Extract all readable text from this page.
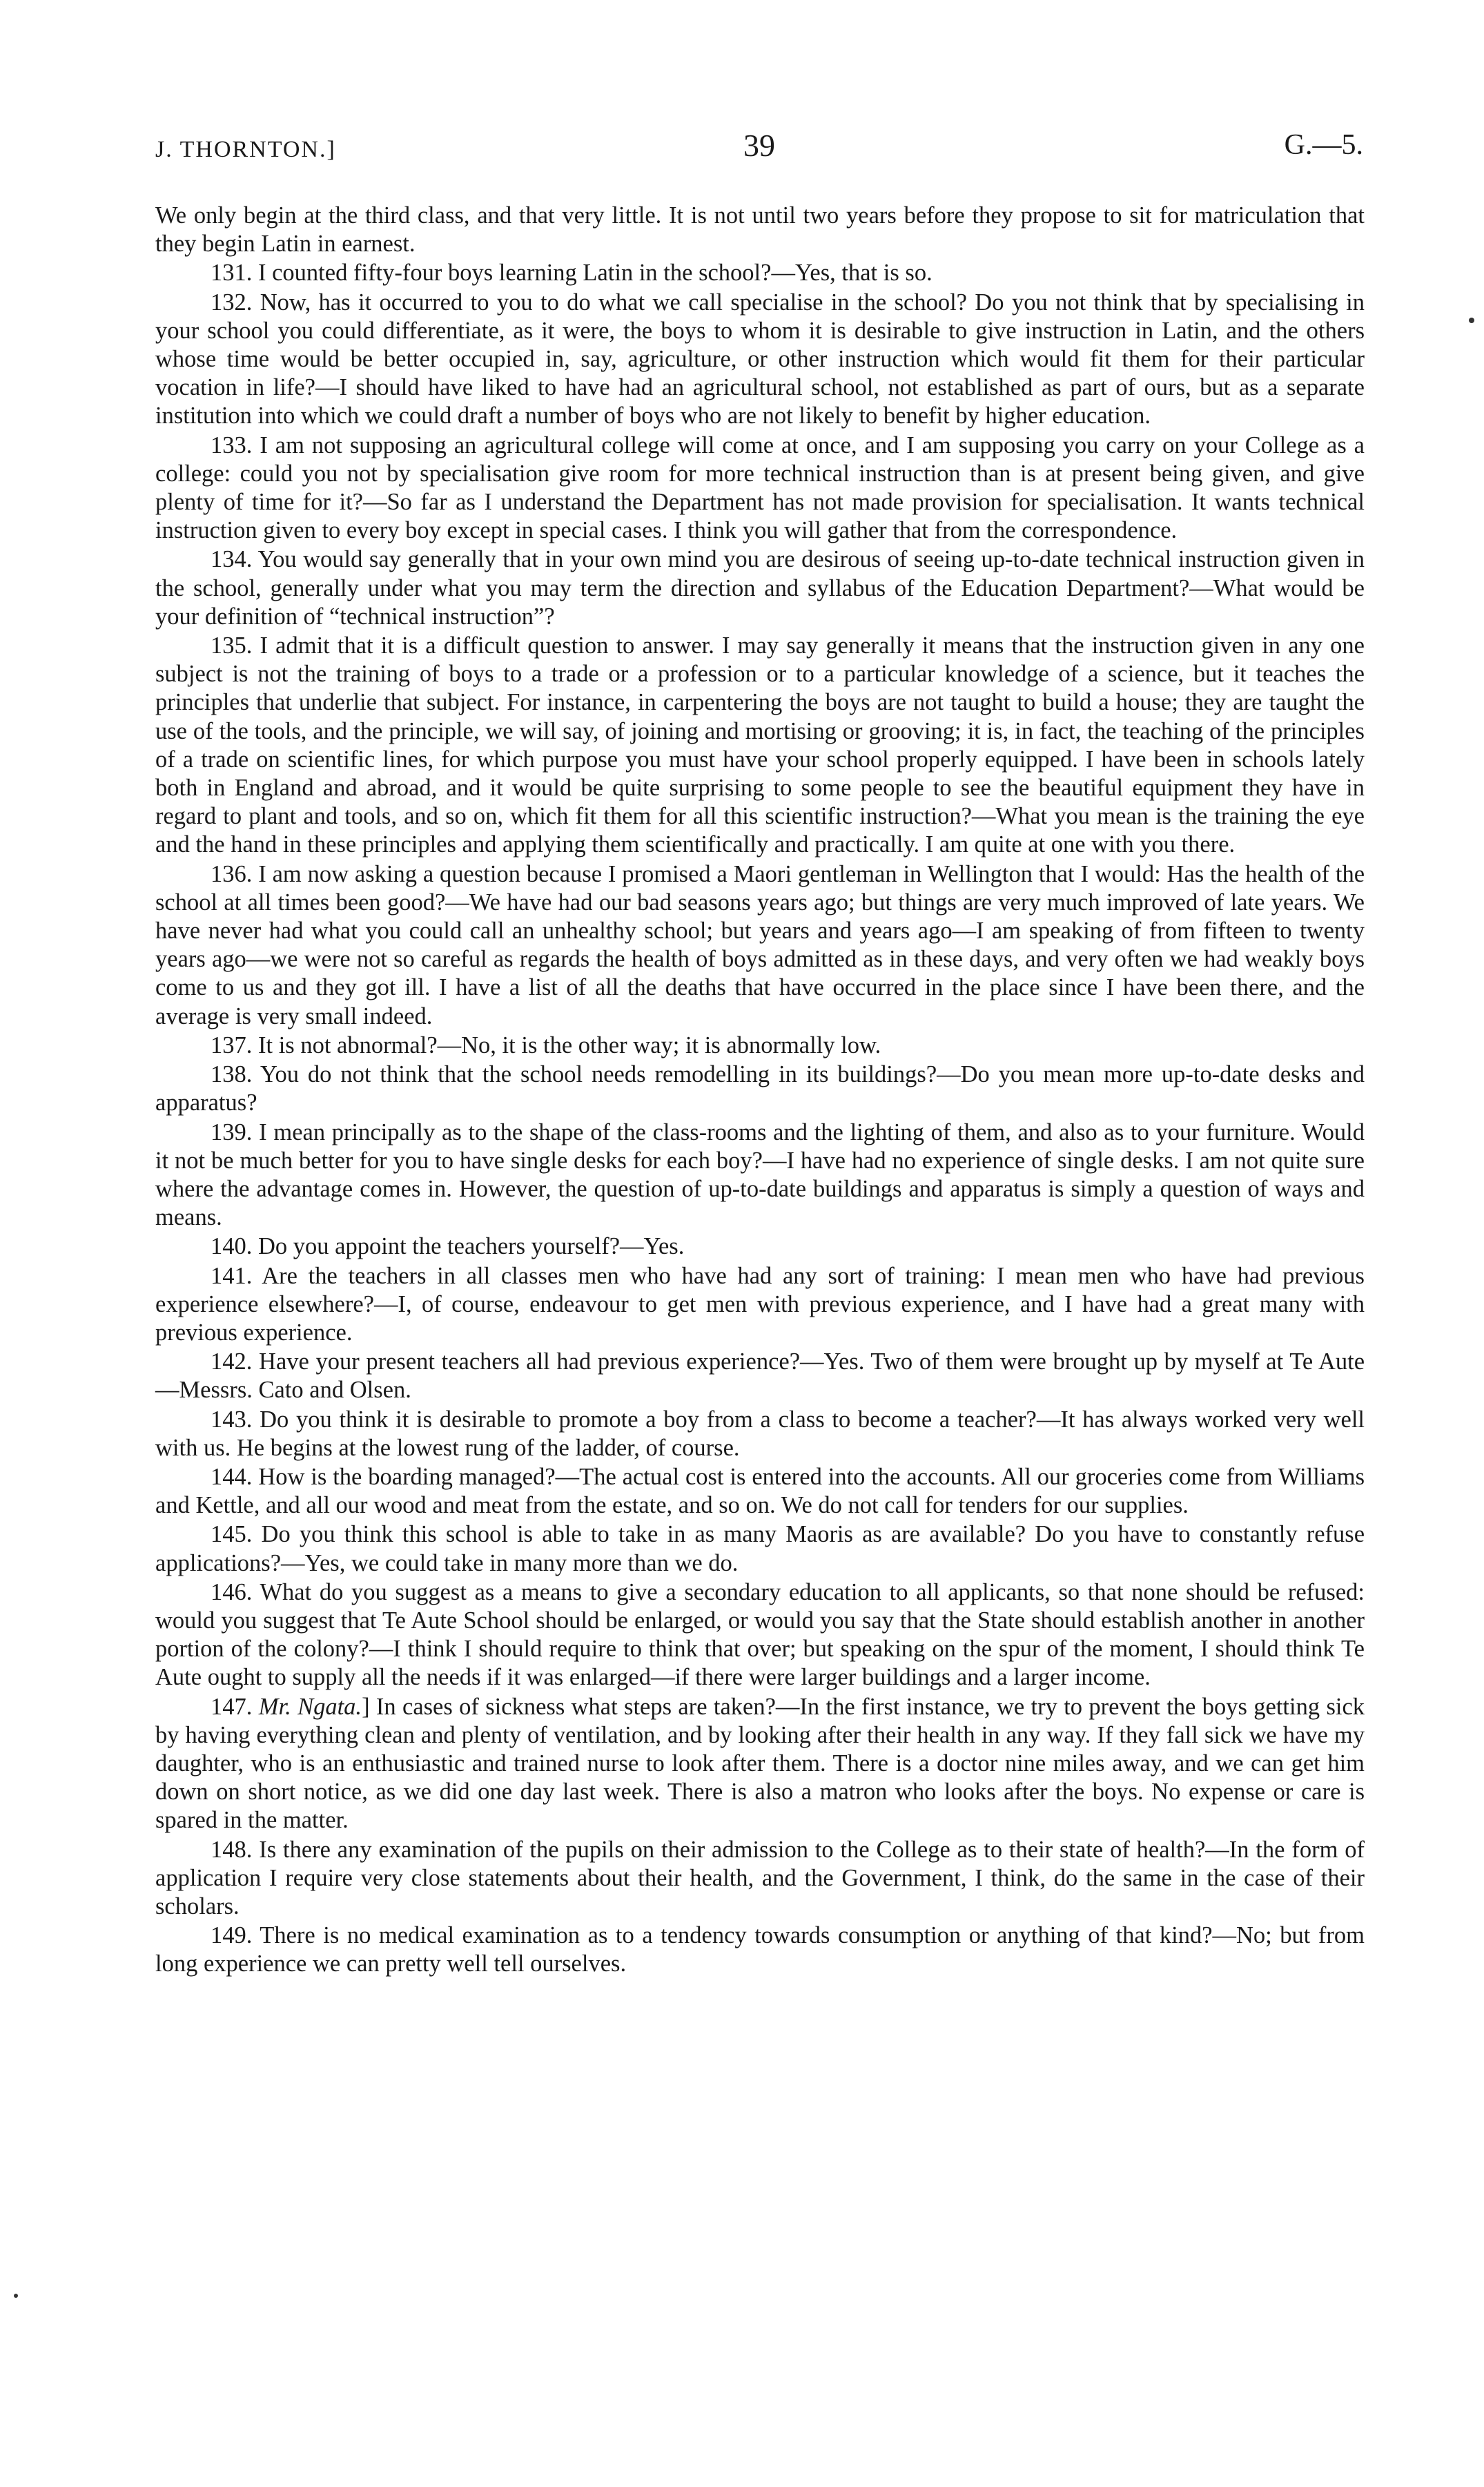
J. THORNTON.]	39	G.—5.

We only begin at the third class, and that very little. It is not until two years before they propose to sit for matriculation that they begin Latin in earnest.

131. I counted fifty-four boys learning Latin in the school?—Yes, that is so.

132. Now, has it occurred to you to do what we call specialise in the school? Do you not think that by specialising in your school you could differentiate, as it were, the boys to whom it is desirable to give instruction in Latin, and the others whose time would be better occupied in, say, agriculture, or other instruction which would fit them for their particular vocation in life?—I should have liked to have had an agricultural school, not established as part of ours, but as a separate institution into which we could draft a number of boys who are not likely to benefit by higher education.

133. I am not supposing an agricultural college will come at once, and I am supposing you carry on your College as a college: could you not by specialisation give room for more technical instruction than is at present being given, and give plenty of time for it?—So far as I understand the Department has not made provision for specialisation. It wants technical instruction given to every boy except in special cases. I think you will gather that from the correspondence.

134. You would say generally that in your own mind you are desirous of seeing up-to-date technical instruction given in the school, generally under what you may term the direction and syllabus of the Education Department?—What would be your definition of “technical instruction”?

135. I admit that it is a difficult question to answer. I may say generally it means that the instruction given in any one subject is not the training of boys to a trade or a profession or to a particular knowledge of a science, but it teaches the principles that underlie that subject. For instance, in carpentering the boys are not taught to build a house; they are taught the use of the tools, and the principle, we will say, of joining and mortising or grooving; it is, in fact, the teaching of the principles of a trade on scientific lines, for which purpose you must have your school properly equipped. I have been in schools lately both in England and abroad, and it would be quite surprising to some people to see the beautiful equipment they have in regard to plant and tools, and so on, which fit them for all this scientific instruction?—What you mean is the training the eye and the hand in these principles and applying them scientifically and practically. I am quite at one with you there.

136. I am now asking a question because I promised a Maori gentleman in Wellington that I would: Has the health of the school at all times been good?—We have had our bad seasons years ago; but things are very much improved of late years. We have never had what you could call an unhealthy school; but years and years ago—I am speaking of from fifteen to twenty years ago—we were not so careful as regards the health of boys admitted as in these days, and very often we had weakly boys come to us and they got ill. I have a list of all the deaths that have occurred in the place since I have been there, and the average is very small indeed.

137. It is not abnormal?—No, it is the other way; it is abnormally low.

138. You do not think that the school needs remodelling in its buildings?—Do you mean more up-to-date desks and apparatus?

139. I mean principally as to the shape of the class-rooms and the lighting of them, and also as to your furniture. Would it not be much better for you to have single desks for each boy?—I have had no experience of single desks. I am not quite sure where the advantage comes in. However, the question of up-to-date buildings and apparatus is simply a question of ways and means.

140. Do you appoint the teachers yourself?—Yes.

141. Are the teachers in all classes men who have had any sort of training: I mean men who have had previous experience elsewhere?—I, of course, endeavour to get men with previous experience, and I have had a great many with previous experience.

142. Have your present teachers all had previous experience?—Yes. Two of them were brought up by myself at Te Aute—Messrs. Cato and Olsen.

143. Do you think it is desirable to promote a boy from a class to become a teacher?—It has always worked very well with us. He begins at the lowest rung of the ladder, of course.

144. How is the boarding managed?—The actual cost is entered into the accounts. All our groceries come from Williams and Kettle, and all our wood and meat from the estate, and so on. We do not call for tenders for our supplies.

145. Do you think this school is able to take in as many Maoris as are available? Do you have to constantly refuse applications?—Yes, we could take in many more than we do.

146. What do you suggest as a means to give a secondary education to all applicants, so that none should be refused: would you suggest that Te Aute School should be enlarged, or would you say that the State should establish another in another portion of the colony?—I think I should require to think that over; but speaking on the spur of the moment, I should think Te Aute ought to supply all the needs if it was enlarged—if there were larger buildings and a larger income.

147. Mr. Ngata.] In cases of sickness what steps are taken?—In the first instance, we try to prevent the boys getting sick by having everything clean and plenty of ventilation, and by looking after their health in any way. If they fall sick we have my daughter, who is an enthusiastic and trained nurse to look after them. There is a doctor nine miles away, and we can get him down on short notice, as we did one day last week. There is also a matron who looks after the boys. No expense or care is spared in the matter.

148. Is there any examination of the pupils on their admission to the College as to their state of health?—In the form of application I require very close statements about their health, and the Government, I think, do the same in the case of their scholars.

149. There is no medical examination as to a tendency towards consumption or anything of that kind?—No; but from long experience we can pretty well tell ourselves.
